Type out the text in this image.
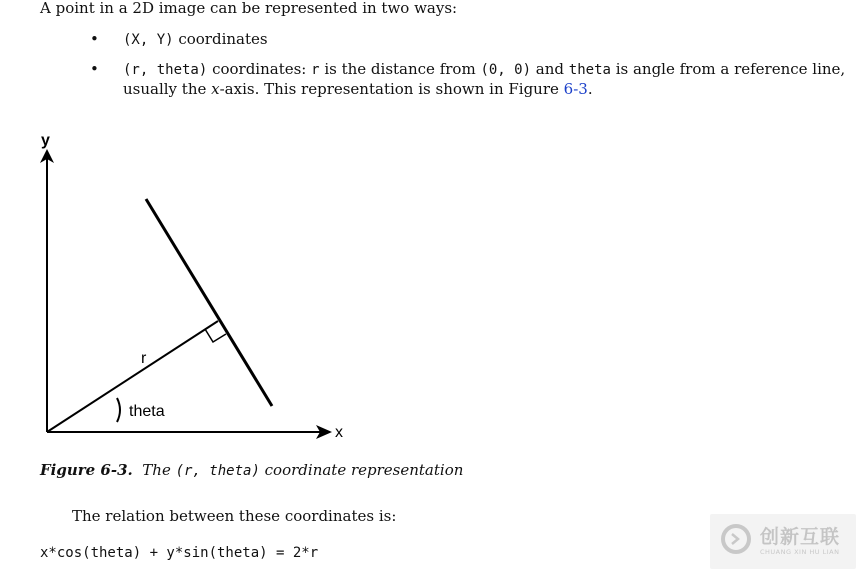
A point in a 2D image can be represented in two ways:
• (X, Y) coordinates
• (r, theta) coordinates: r is the distance from (0, 0) and theta is angle from a reference line,
usually the x-axis. This representation is shown in Figure 6-3.
y
x
r
theta
Figure 6-3. The (r, theta) coordinate representation
The relation between these coordinates is:
x*cos(theta) + y*sin(theta) = 2*r
创新互联
CHUANG XIN HU LIAN
